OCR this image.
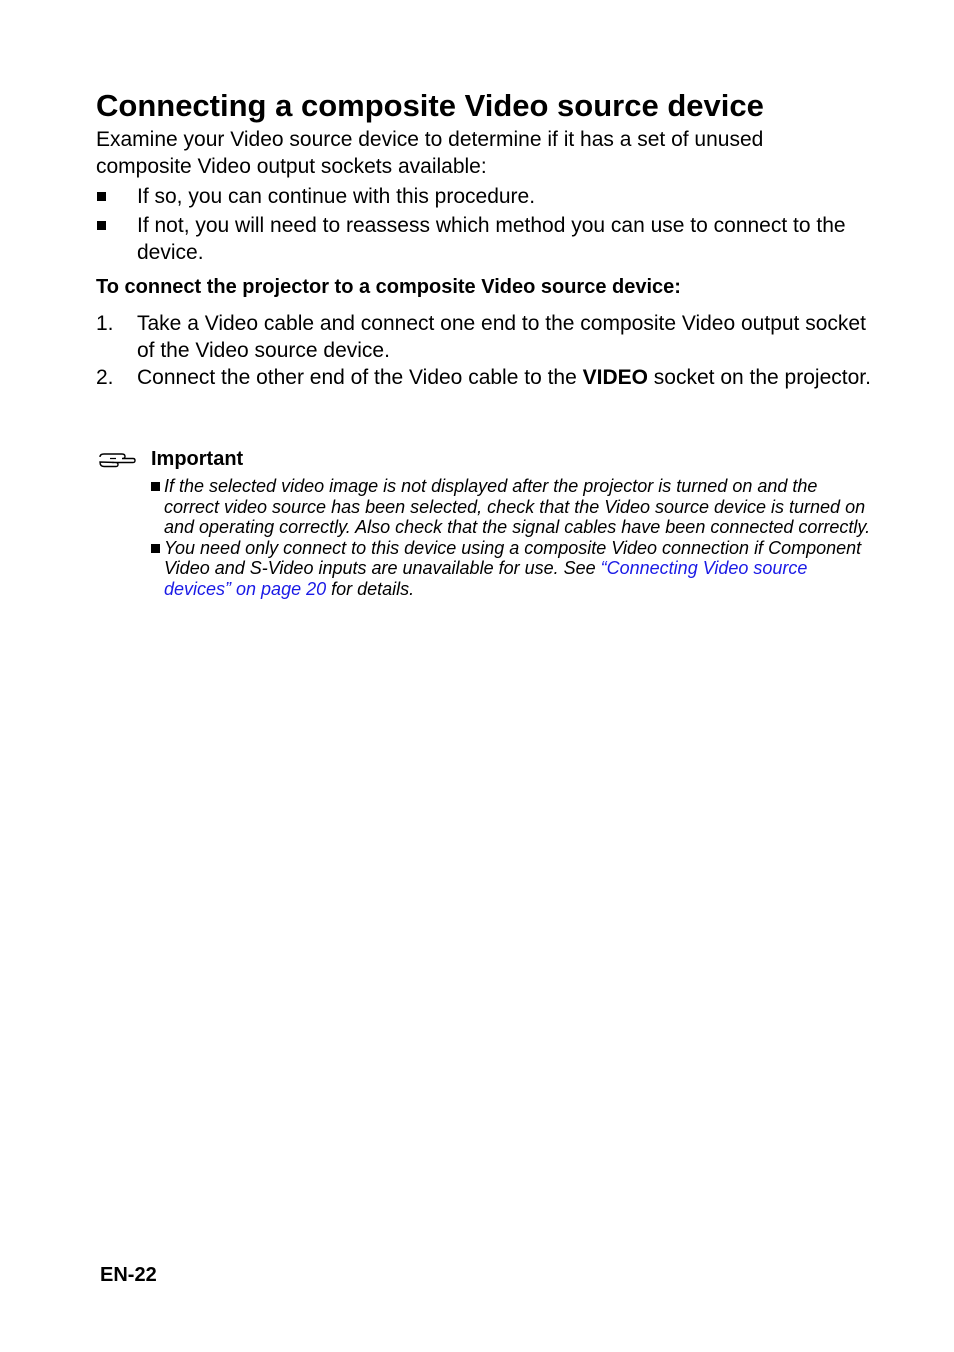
Connecting a composite Video source device

Examine your Video source device to determine if it has a set of unused composite Video output sockets available:

If so, you can continue with this procedure.
If not, you will need to reassess which method you can use to connect to the device.

To connect the projector to a composite Video source device:

1. Take a Video cable and connect one end to the composite Video output socket of the Video source device.
2. Connect the other end of the Video cable to the VIDEO socket on the projector.
Important
If the selected video image is not displayed after the projector is turned on and the correct video source has been selected, check that the Video source device is turned on and operating correctly. Also check that the signal cables have been connected correctly.
You need only connect to this device using a composite Video connection if Component Video and S-Video inputs are unavailable for use. See “Connecting Video source devices” on page 20 for details.
EN-22
